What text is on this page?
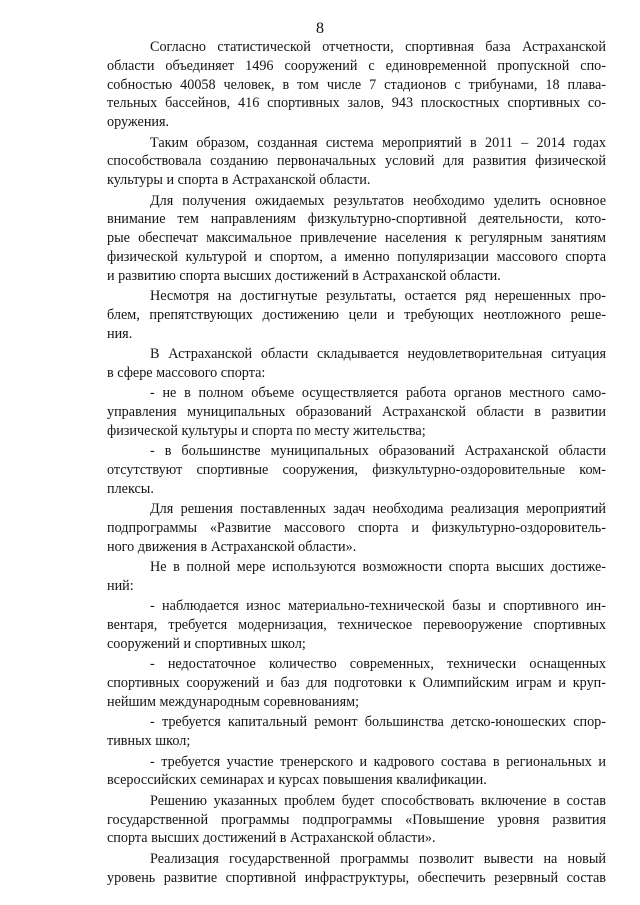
8
Согласно статистической отчетности, спортивная база Астраханской
области объединяет 1496 сооружений с единовременной пропускной спо-
собностью 40058 человек, в том числе 7 стадионов с трибунами, 18 плава-
тельных бассейнов, 416 спортивных залов, 943 плоскостных спортивных со-
оружения.
Таким образом, созданная система мероприятий в 2011 – 2014 годах
способствовала созданию первоначальных условий для развития физической
культуры и спорта в Астраханской области.
Для получения ожидаемых результатов необходимо уделить основное
внимание тем направлениям физкультурно-спортивной деятельности, кото-
рые обеспечат максимальное привлечение населения к регулярным занятиям
физической культурой и спортом, а именно популяризации массового спорта
и развитию спорта высших достижений в Астраханской области.
Несмотря на достигнутые результаты, остается ряд нерешенных про-
блем, препятствующих достижению цели и требующих неотложного реше-
ния.
В Астраханской области складывается неудовлетворительная ситуация
в сфере массового спорта:
- не в полном объеме осуществляется работа органов местного само-
управления муниципальных образований Астраханской области в развитии
физической культуры и спорта по месту жительства;
- в большинстве муниципальных образований Астраханской области
отсутствуют спортивные сооружения, физкультурно-оздоровительные ком-
плексы.
Для решения поставленных задач необходима реализация мероприятий
подпрограммы «Развитие массового спорта и физкультурно-оздоровитель-
ного движения в Астраханской области».
Не в полной мере используются возможности спорта высших достиже-
ний:
- наблюдается износ материально-технической базы и спортивного ин-
вентаря, требуется модернизация, техническое перевооружение спортивных
сооружений и спортивных школ;
- недостаточное количество современных, технически оснащенных
спортивных сооружений и баз для подготовки к Олимпийским играм и круп-
нейшим международным соревнованиям;
- требуется капитальный ремонт большинства детско-юношеских спор-
тивных школ;
- требуется участие тренерского и кадрового состава в региональных и
всероссийских семинарах и курсах повышения квалификации.
Решению указанных проблем будет способствовать включение в состав
государственной программы подпрограммы «Повышение уровня развития
спорта высших достижений в Астраханской области».
Реализация государственной программы позволит вывести на новый
уровень развитие спортивной инфраструктуры, обеспечить резервный состав
